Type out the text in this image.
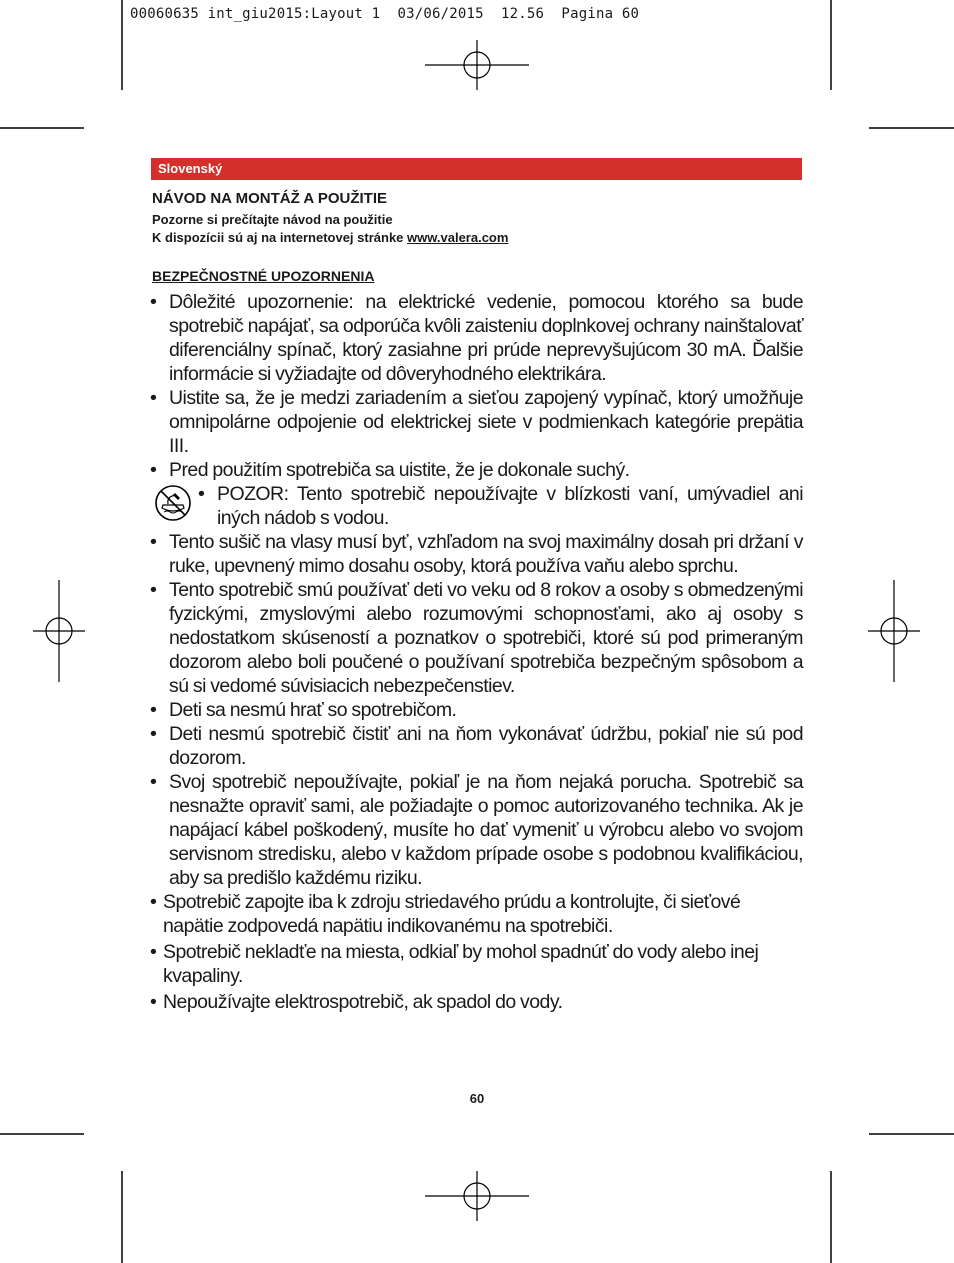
00060635 int_giu2015:Layout 1  03/06/2015  12.56  Pagina 60
Slovenský
NÁVOD NA MONTÁŽ A POUŽITIE
Pozorne si prečítajte návod na použitie
K dispozícii sú aj na internetovej stránke www.valera.com
BEZPEČNOSTNÉ UPOZORNENIA
• Dôležité upozornenie: na elektrické vedenie, pomocou ktorého sa bude spotrebič napájať, sa odporúča kvôli zaisteniu doplnkovej ochrany nainštalovať diferenciálny spínač, ktorý zasiahne pri prúde neprevyšujúcom 30 mA. Ďalšie informácie si vyžiadajte od dôveryhodného elektrikára.
• Uistite sa, že je medzi zariadením a sieťou zapojený vypínač, ktorý umožňuje omnipolárne odpojenie od elektrickej siete v podmienkach kategórie prepätia III.
• Pred použitím spotrebiča sa uistite, že je dokonale suchý.
• POZOR: Tento spotrebič nepoužívajte v blízkosti vaní, umývadiel ani iných nádob s vodou.
• Tento sušič na vlasy musí byť, vzhľadom na svoj maximálny dosah pri držaní v ruke, upevnený mimo dosahu osoby, ktorá používa vaňu alebo sprchu.
• Tento spotrebič smú používať deti vo veku od 8 rokov a osoby s obmedzenými fyzickými, zmyslovými alebo rozumovými schopnosťami, ako aj osoby s nedostatkom skúseností a poznatkov o spotrebiči, ktoré sú pod primeraným dozorom alebo boli poučené o používaní spotrebiča bezpečným spôsobom a sú si vedomé súvisiacich nebezpečenstiev.
• Deti sa nesmú hrať so spotrebičom.
• Deti nesmú spotrebič čistiť ani na ňom vykonávať údržbu, pokiaľ nie sú pod dozorom.
• Svoj spotrebič nepoužívajte, pokiaľ je na ňom nejaká porucha. Spotrebič sa nesnažte opraviť sami, ale požiadajte o pomoc autorizovaného technika. Ak je napájací kábel poškodený, musíte ho dať vymeniť u výrobcu alebo vo svojom servisnom stredisku, alebo v každom prípade osobe s podobnou kvalifikáciou, aby sa predišlo každému riziku.
• Spotrebič zapojte iba k zdroju striedavého prúdu a kontrolujte, či sieťové napätie zodpovedá napätiu indikovanému na spotrebiči.
• Spotrebič nekladťe na miesta, odkiaľ by mohol spadnúť do vody alebo inej kvapaliny.
• Nepoužívajte elektrospotrebič, ak spadol do vody.
60
